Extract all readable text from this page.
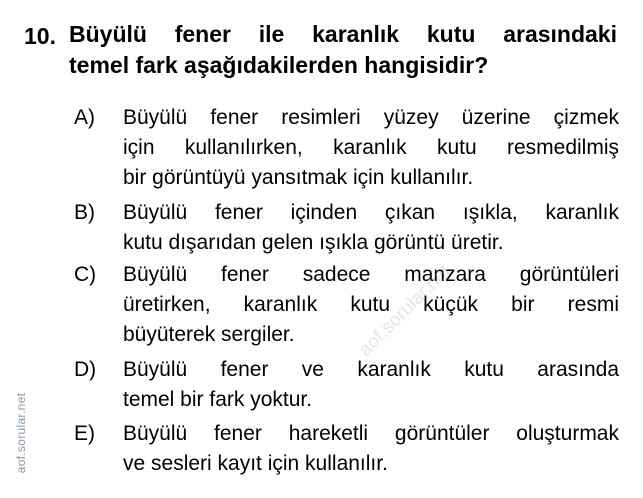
10. Büyülü fener ile karanlık kutu arasındaki
temel fark aşağıdakilerden hangisidir?
A) Büyülü fener resimleri yüzey üzerine çizmek
için kullanılırken, karanlık kutu resmedilmiş
bir görüntüyü yansıtmak için kullanılır.
B) Büyülü fener içinden çıkan ışıkla, karanlık
kutu dışarıdan gelen ışıkla görüntü üretir.
C) Büyülü fener sadece manzara görüntüleri
üretirken, karanlık kutu küçük bir resmi
büyüterek sergiler.
D) Büyülü fener ve karanlık kutu arasında
temel bir fark yoktur.
E) Büyülü fener hareketli görüntüler oluşturmak
ve sesleri kayıt için kullanılır.
aof.sorular.net
aof.sorular.net
